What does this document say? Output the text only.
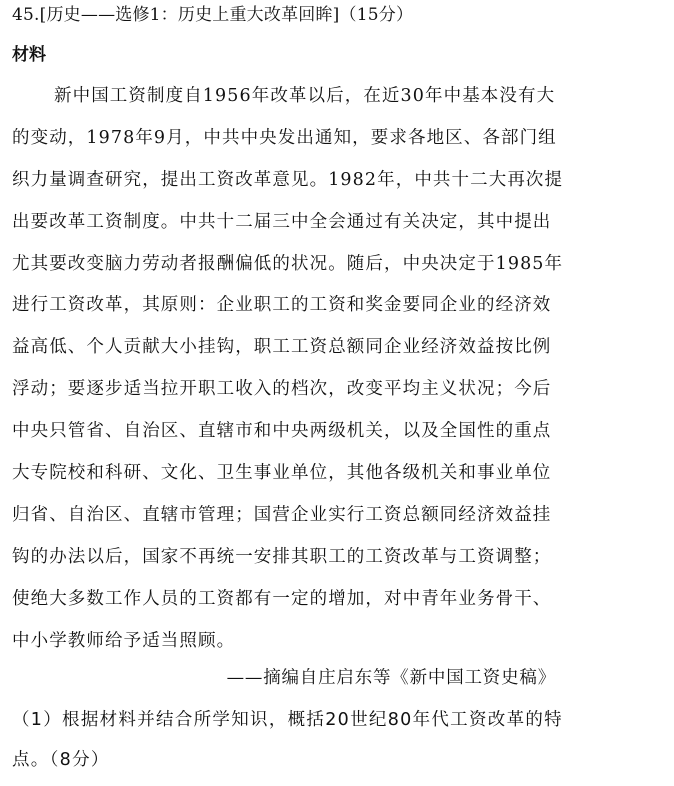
45.[历史——选修1：历史上重大改革回眸]（15分）
材料
新中国工资制度自1956年改革以后，在近30年中基本没有大
的变动，1978年9月，中共中央发出通知，要求各地区、各部门组
织力量调查研究，提出工资改革意见。1982年，中共十二大再次提
出要改革工资制度。中共十二届三中全会通过有关决定，其中提出
尤其要改变脑力劳动者报酬偏低的状况。随后，中央决定于1985年
进行工资改革，其原则：企业职工的工资和奖金要同企业的经济效
益高低、个人贡献大小挂钩，职工工资总额同企业经济效益按比例
浮动；要逐步适当拉开职工收入的档次，改变平均主义状况；今后
中央只管省、自治区、直辖市和中央两级机关，以及全国性的重点
大专院校和科研、文化、卫生事业单位，其他各级机关和事业单位
归省、自治区、直辖市管理；国营企业实行工资总额同经济效益挂
钩的办法以后，国家不再统一安排其职工的工资改革与工资调整；
使绝大多数工作人员的工资都有一定的增加，对中青年业务骨干、
中小学教师给予适当照顾。
——摘编自庄启东等《新中国工资史稿》
（1）根据材料并结合所学知识，概括20世纪80年代工资改革的特
点。（8分）
